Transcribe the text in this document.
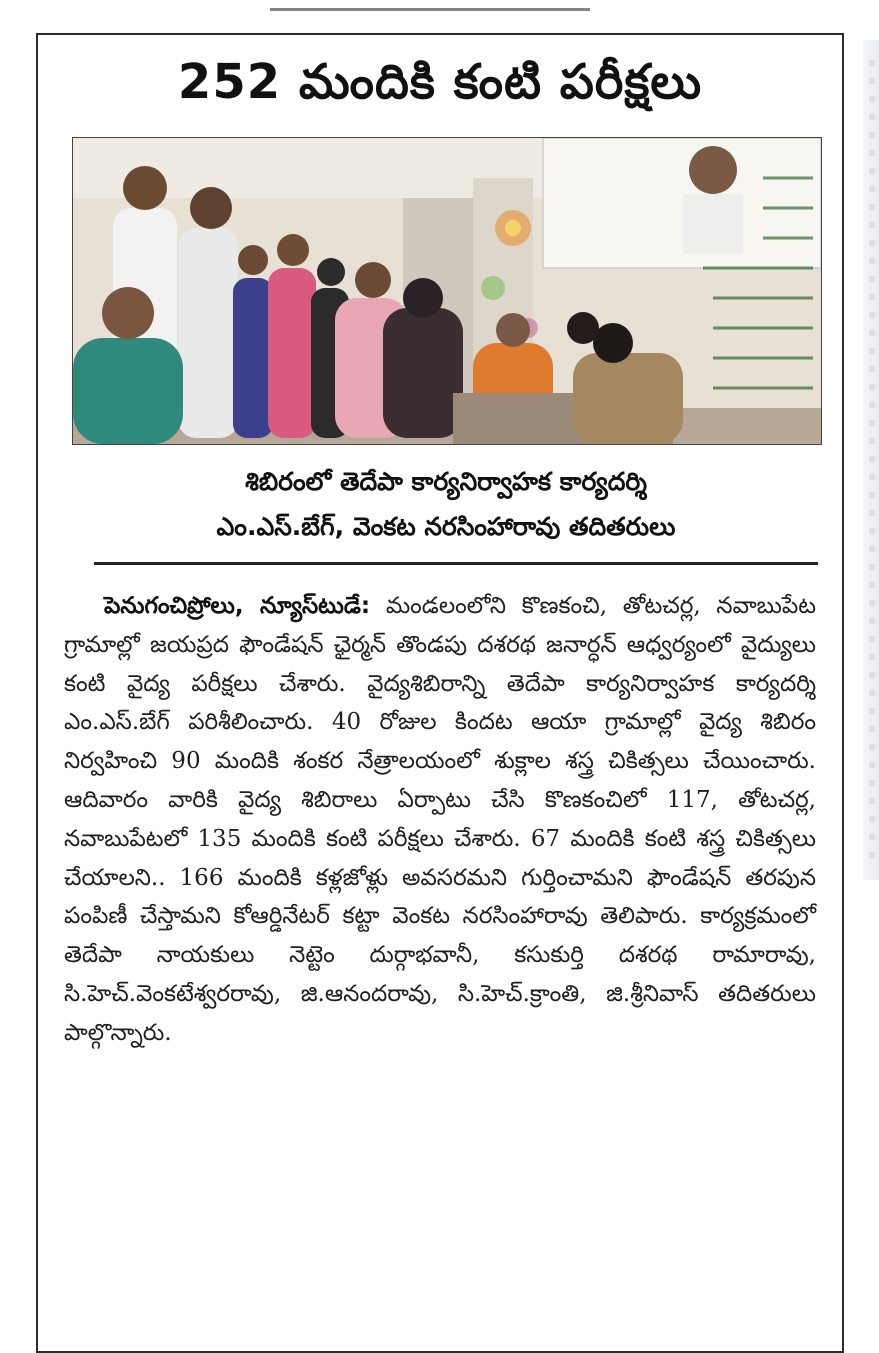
252 మందికి కంటి పరీక్షలు
శిబిరంలో తెదేపా కార్యనిర్వాహక కార్యదర్శి
ఎం.ఎస్.బేగ్, వెంకట నరసింహారావు తదితరులు

పెనుగంచిప్రోలు, న్యూస్‌టుడే: మండలంలోని కొణకంచి, తోటచర్ల, నవాబుపేట గ్రామాల్లో జయప్రద ఫౌండేషన్ ఛైర్మన్ తొండపు దశరథ జనార్ధన్ ఆధ్వర్యంలో వైద్యులు కంటి వైద్య పరీక్షలు చేశారు. వైద్యశిబిరాన్ని తెదేపా కార్యనిర్వాహక కార్యదర్శి ఎం.ఎస్.బేగ్ పరిశీలించారు. 40 రోజుల కిందట ఆయా గ్రామాల్లో వైద్య శిబిరం నిర్వహించి 90 మందికి శంకర నేత్రాలయంలో శుక్లాల శస్త్ర చికిత్సలు చేయించారు. ఆదివారం వారికి వైద్య శిబిరాలు ఏర్పాటు చేసి కొణకంచిలో 117, తోటచర్ల, నవాబుపేటలో 135 మందికి కంటి పరీక్షలు చేశారు. 67 మందికి కంటి శస్త్ర చికిత్సలు చేయాలని.. 166 మందికి కళ్లజోళ్లు అవసరమని గుర్తించామని ఫౌండేషన్ తరపున పంపిణీ చేస్తామని కోఆర్డినేటర్ కట్టా వెంకట నరసింహారావు తెలిపారు. కార్యక్రమంలో తెదేపా నాయకులు నెట్టెం దుర్గాభవానీ, కసుకుర్తి దశరథ రామారావు, సి.హెచ్.వెంకటేశ్వరరావు, జి.ఆనందరావు, సి.హెచ్.క్రాంతి, జి.శ్రీనివాస్ తదితరులు పాల్గొన్నారు.
